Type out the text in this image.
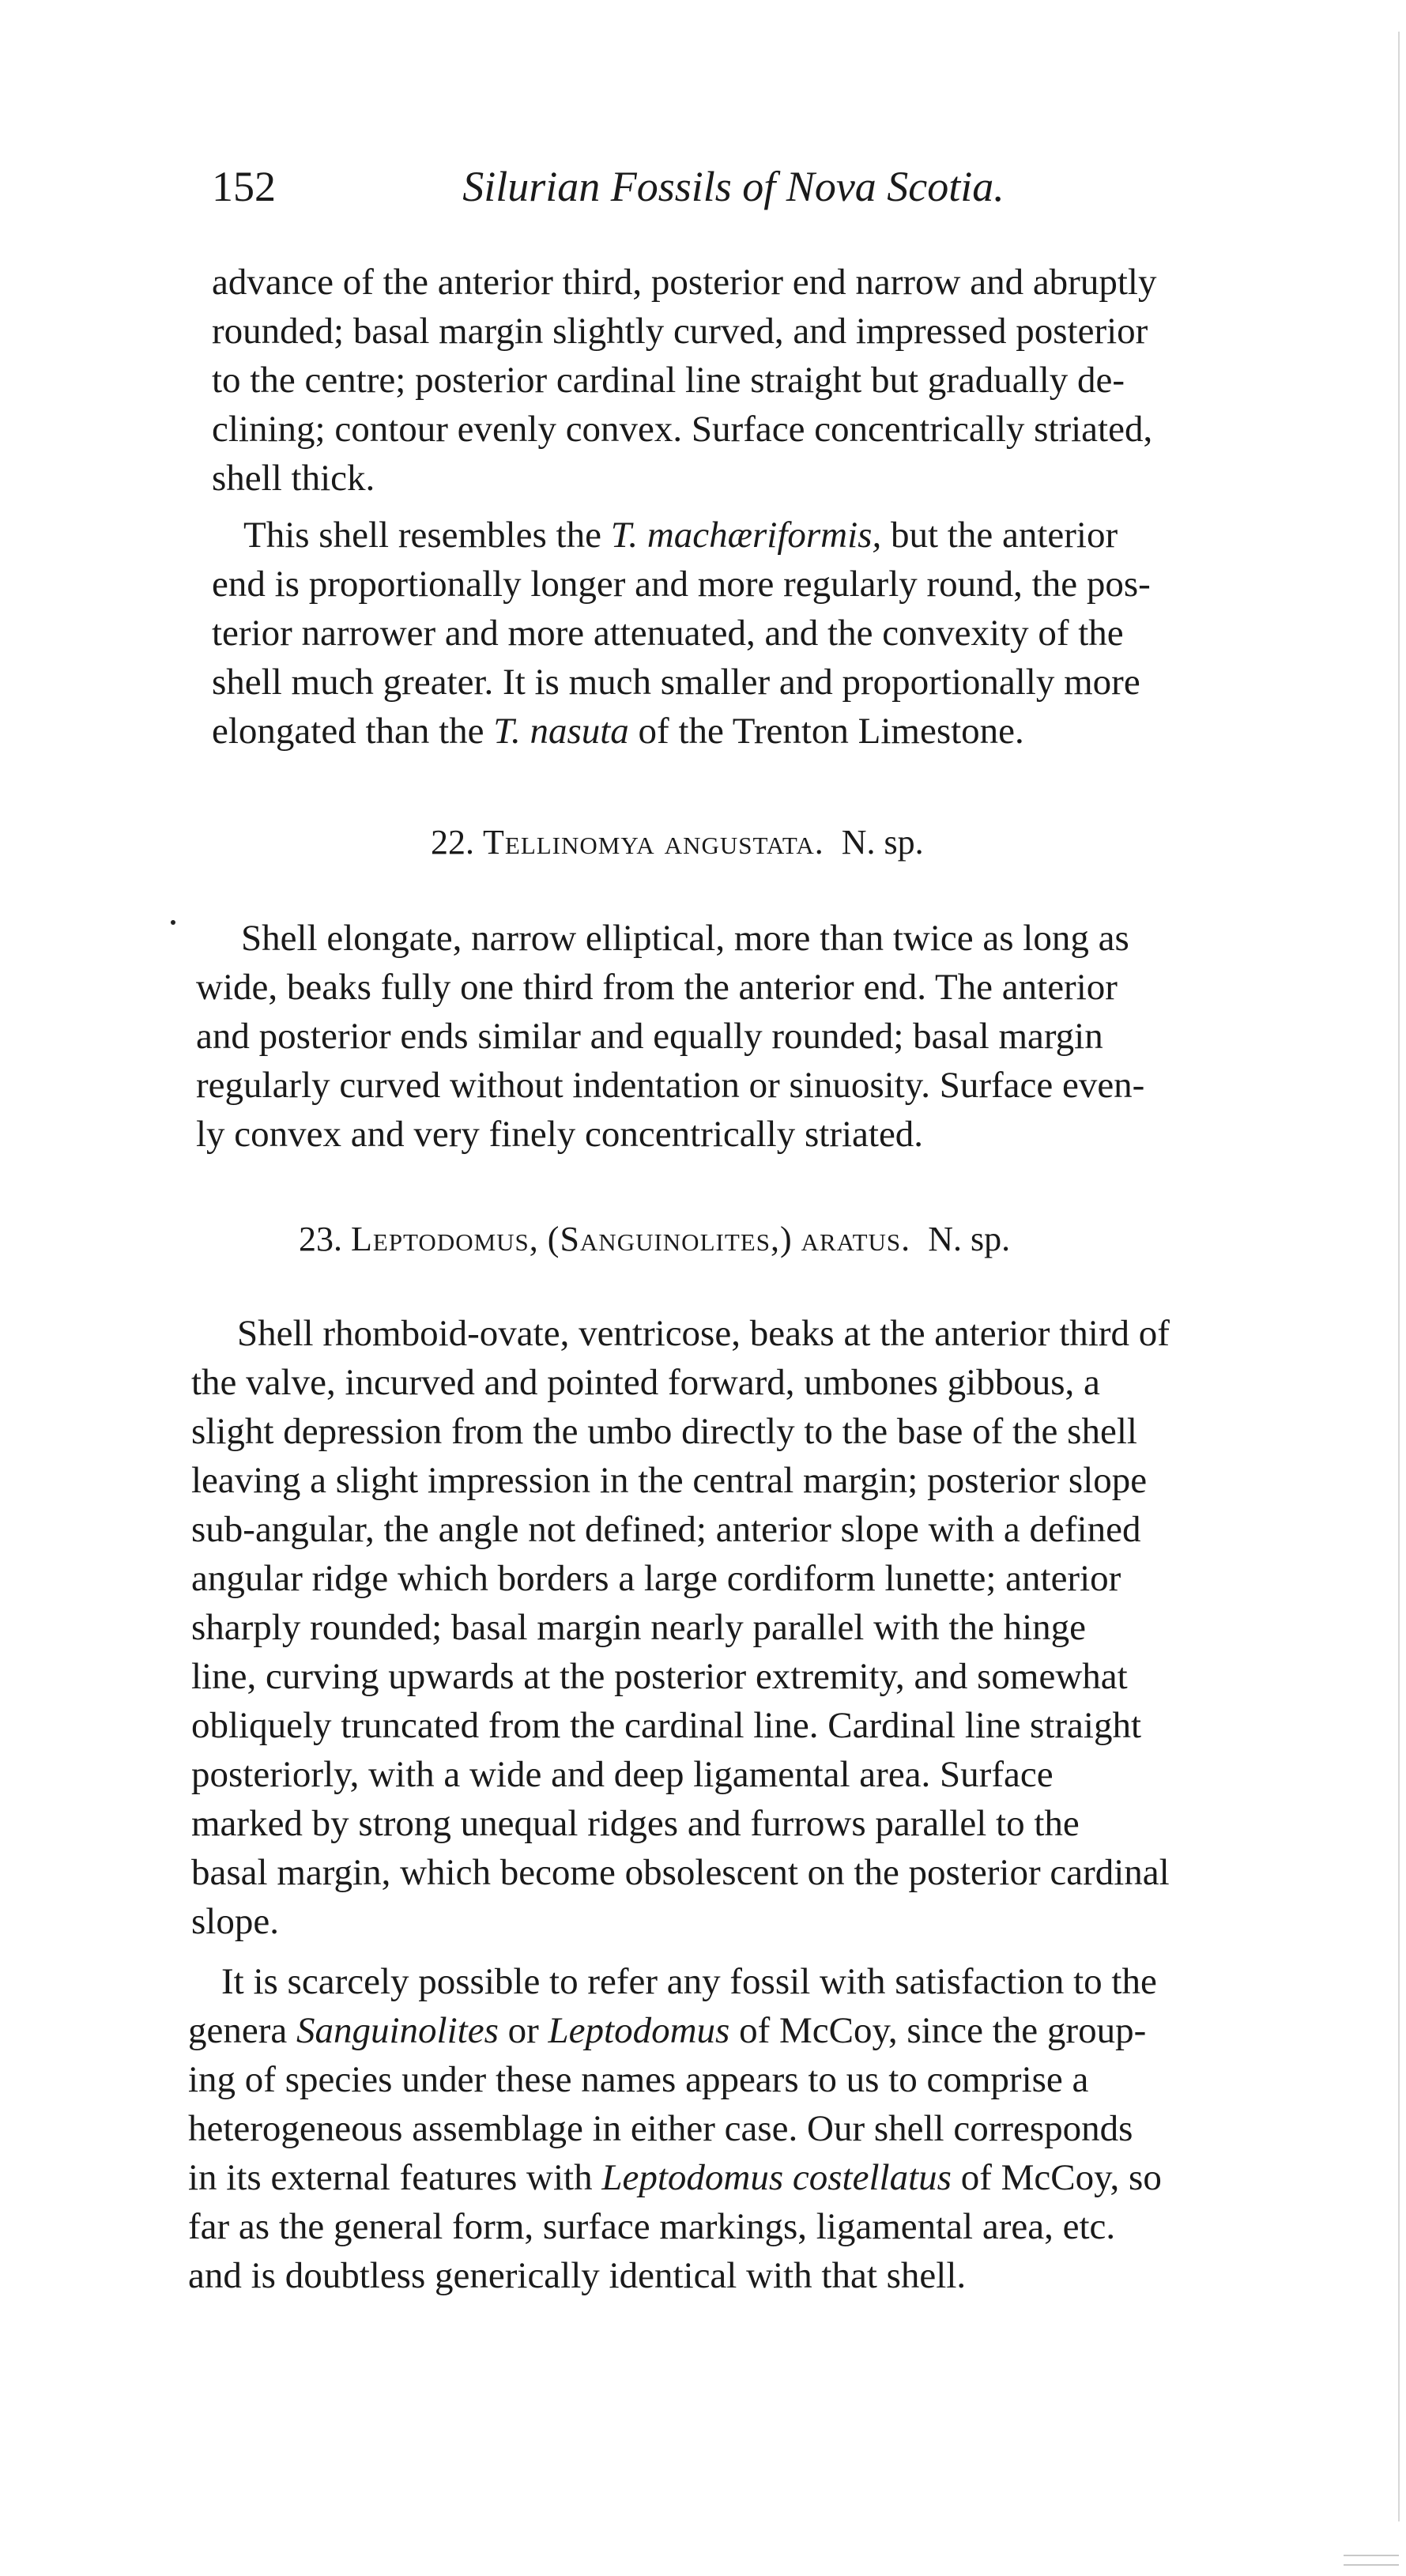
152	Silurian Fossils of Nova Scotia.
advance of the anterior third, posterior end narrow and abruptly
rounded; basal margin slightly curved, and impressed posterior
to the centre; posterior cardinal line straight but gradually de-
clining; contour evenly convex. Surface concentrically striated,
shell thick.
This shell resembles the T. machæriformis, but the anterior
end is proportionally longer and more regularly round, the pos-
terior narrower and more attenuated, and the convexity of the
shell much greater. It is much smaller and proportionally more
elongated than the T. nasuta of the Trenton Limestone.
22. Tellinomya angustata. N. sp.
Shell elongate, narrow elliptical, more than twice as long as
wide, beaks fully one third from the anterior end. The anterior
and posterior ends similar and equally rounded; basal margin
regularly curved without indentation or sinuosity. Surface even-
ly convex and very finely concentrically striated.
23. Leptodomus, (Sanguinolites,) aratus. N. sp.
Shell rhomboid-ovate, ventricose, beaks at the anterior third of
the valve, incurved and pointed forward, umbones gibbous, a
slight depression from the umbo directly to the base of the shell
leaving a slight impression in the central margin; posterior slope
sub-angular, the angle not defined; anterior slope with a defined
angular ridge which borders a large cordiform lunette; anterior
sharply rounded; basal margin nearly parallel with the hinge
line, curving upwards at the posterior extremity, and somewhat
obliquely truncated from the cardinal line. Cardinal line straight
posteriorly, with a wide and deep ligamental area. Surface
marked by strong unequal ridges and furrows parallel to the
basal margin, which become obsolescent on the posterior cardinal
slope.
It is scarcely possible to refer any fossil with satisfaction to the
genera Sanguinolites or Leptodomus of McCoy, since the group-
ing of species under these names appears to us to comprise a
heterogeneous assemblage in either case. Our shell corresponds
in its external features with Leptodomus costellatus of McCoy, so
far as the general form, surface markings, ligamental area, etc.
and is doubtless generically identical with that shell.
